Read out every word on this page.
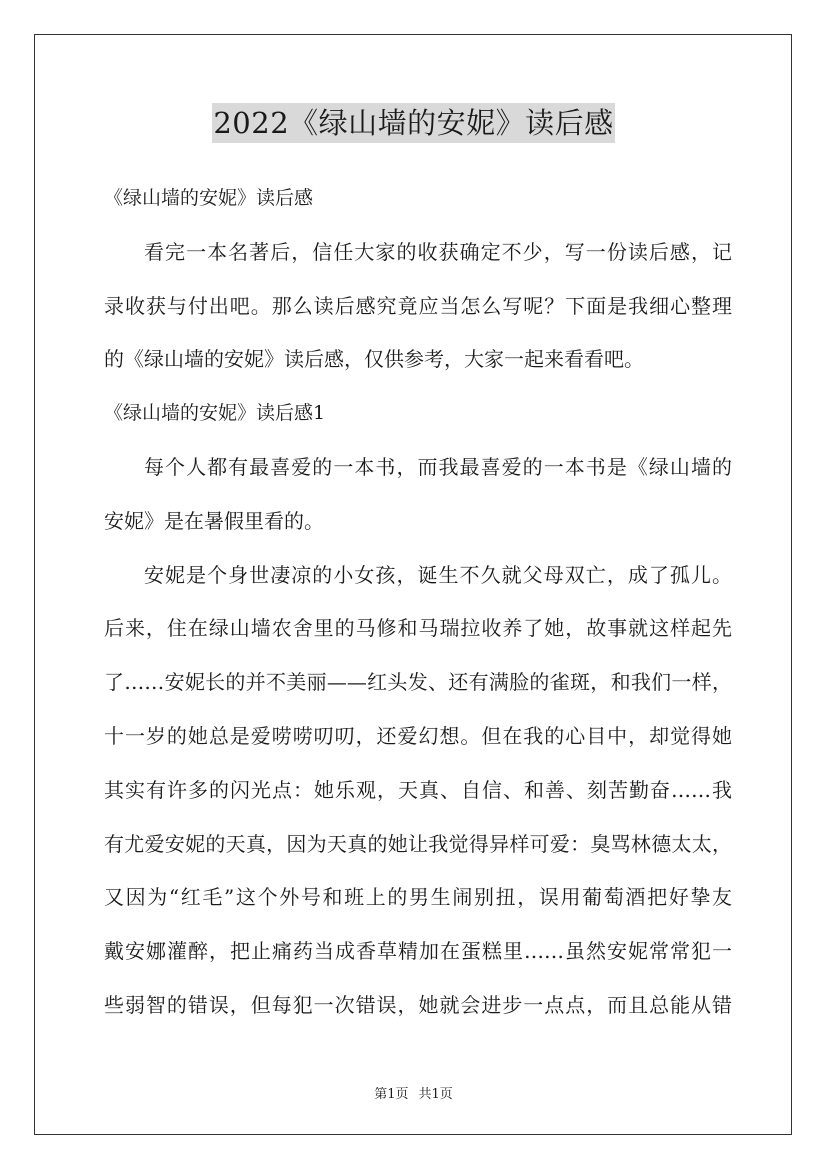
2022《绿山墙的安妮》读后感
《绿山墙的安妮》读后感
看完一本名著后，信任大家的收获确定不少，写一份读后感，记
录收获与付出吧。那么读后感究竟应当怎么写呢？下面是我细心整理
的《绿山墙的安妮》读后感，仅供参考，大家一起来看看吧。
《绿山墙的安妮》读后感1
每个人都有最喜爱的一本书，而我最喜爱的一本书是《绿山墙的
安妮》是在暑假里看的。
安妮是个身世凄凉的小女孩，诞生不久就父母双亡，成了孤儿。
后来，住在绿山墙农舍里的马修和马瑞拉收养了她，故事就这样起先
了……安妮长的并不美丽——红头发、还有满脸的雀斑，和我们一样，
十一岁的她总是爱唠唠叨叨，还爱幻想。但在我的心目中，却觉得她
其实有许多的闪光点：她乐观，天真、自信、和善、刻苦勤奋……我
有尤爱安妮的天真，因为天真的她让我觉得异样可爱：臭骂林德太太，
又因为“红毛”这个外号和班上的男生闹别扭，误用葡萄酒把好挚友
戴安娜灌醉，把止痛药当成香草精加在蛋糕里……虽然安妮常常犯一
些弱智的错误，但每犯一次错误，她就会进步一点点，而且总能从错
第1页 共1页
